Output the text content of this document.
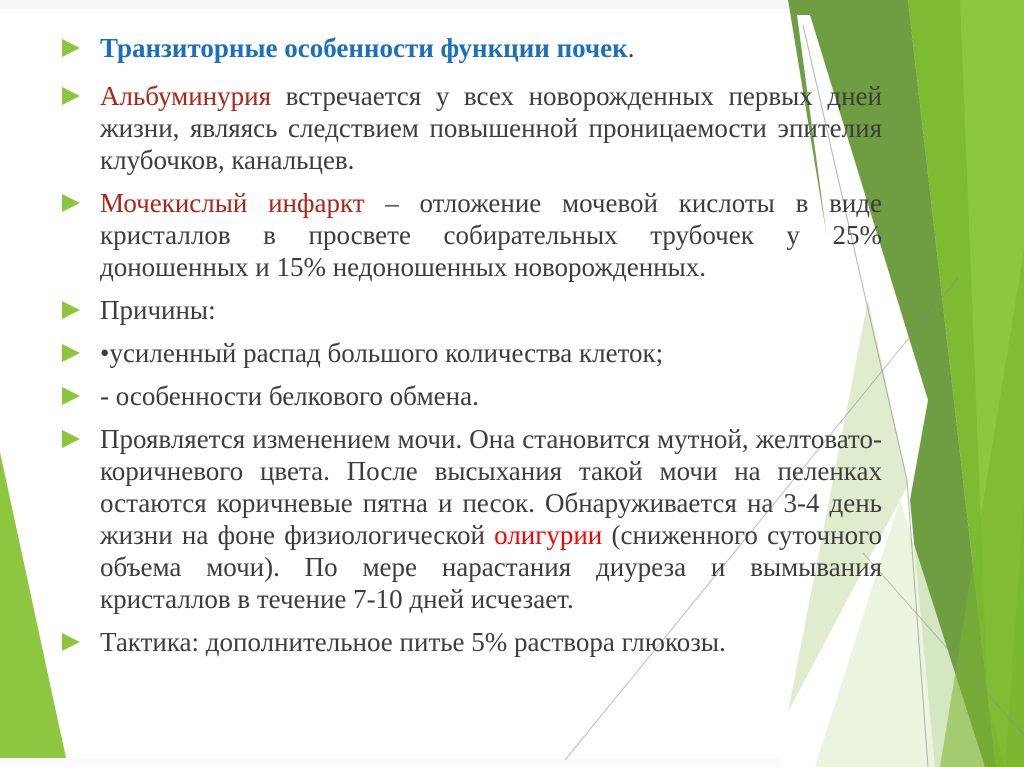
Транзиторные особенности функции почек.
Альбуминурия встречается у всех новорожденных первых дней жизни, являясь следствием повышенной проницаемости эпителия клубочков, канальцев.
Мочекислый инфаркт – отложение мочевой кислоты в виде кристаллов в просвете собирательных трубочек у 25% доношенных и 15% недоношенных новорожденных.
Причины:
•усиленный распад большого количества клеток;
- особенности белкового обмена.
Проявляется изменением мочи. Она становится мутной, желтовато-коричневого цвета. После высыхания такой мочи на пеленках остаются коричневые пятна и песок. Обнаруживается на 3-4 день жизни на фоне физиологической олигурии (сниженного суточного объема мочи). По мере нарастания диуреза и вымывания кристаллов в течение 7-10 дней исчезает.
Тактика: дополнительное питье 5% раствора глюкозы.
